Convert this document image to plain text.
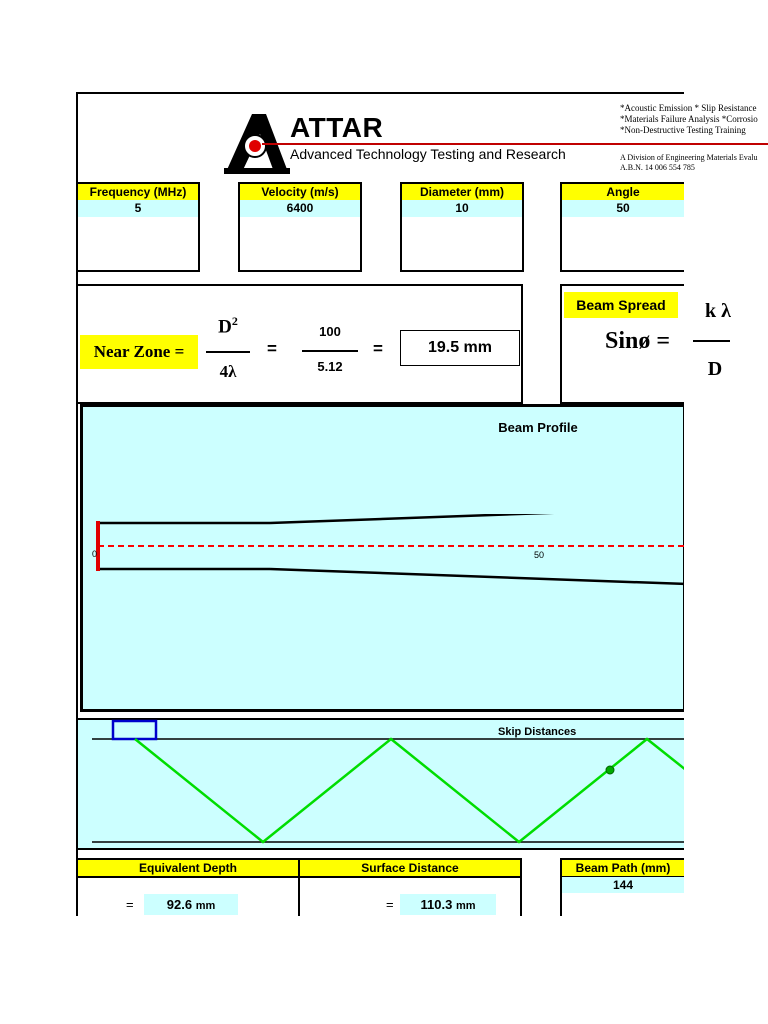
ATTAR
Advanced Technology Testing and Research
*Acoustic Emission * Slip Resistance
*Materials Failure Analysis *Corrosio
*Non-Destructive Testing Training
A Division of Engineering Materials Evalu
A.B.N. 14 006 554 785
Frequency (MHz)
5
Velocity (m/s)
6400
Diameter (mm)
10
Angle
50
Near Zone =
$D^2$
4λ
=
100
5.12
=	19.5 mm
Beam Spread
Sinø =
Beam Profile
0	50
Skip Distances
Equivalent Depth
=	92.6 mm
Surface Distance
=	110.3 mm
Beam Path (mm)
144
k λ
D
